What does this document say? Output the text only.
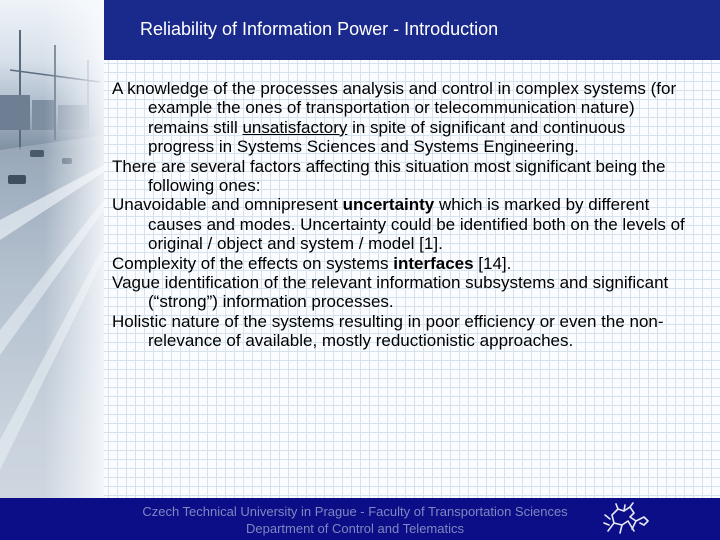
Reliability of Information Power - Introduction

A knowledge of the processes analysis and control in complex systems (for example the ones of transportation or telecommunication nature) remains still unsatisfactory in spite of significant and continuous progress in Systems Sciences and Systems Engineering.

There are several factors affecting this situation most significant being the following ones:

Unavoidable and omnipresent uncertainty which is marked by different causes and modes. Uncertainty could be identified both on the levels of original / object and system / model [1].

Complexity of the effects on systems interfaces [14].

Vague identification of the relevant information subsystems and significant (“strong”) information processes.

Holistic nature of the systems resulting in poor efficiency or even the non-relevance of available, mostly reductionistic approaches.

Czech Technical University in Prague - Faculty of Transportation Sciences
Department of Control and Telematics
